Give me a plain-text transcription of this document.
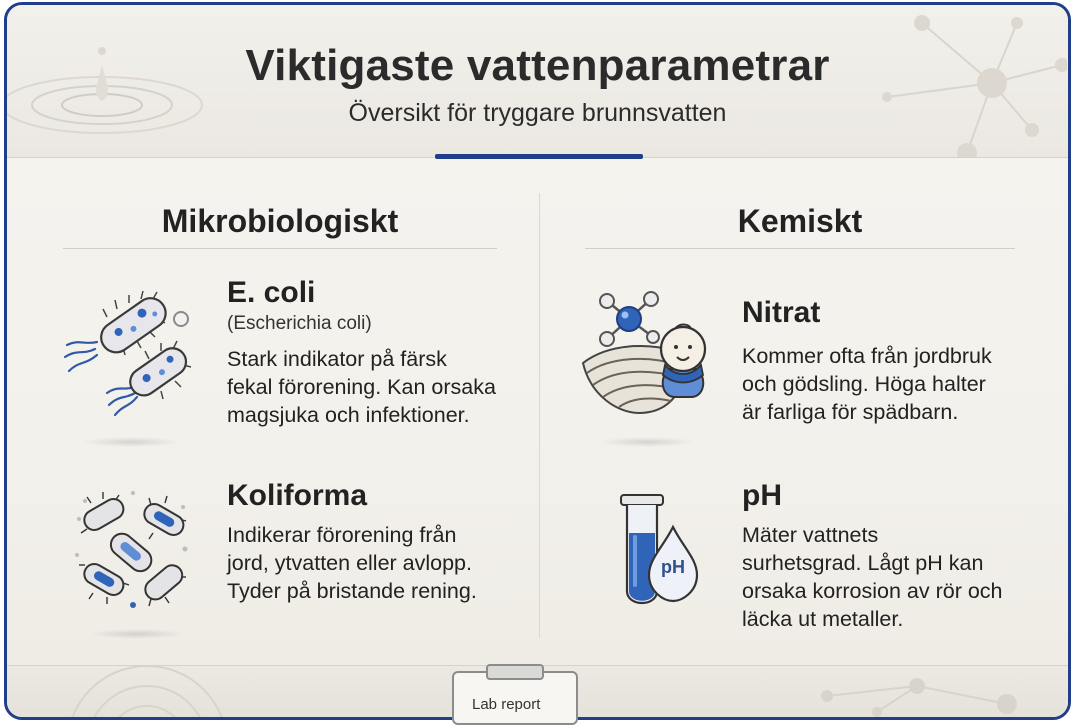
Viktigaste vattenparametrar
Översikt för tryggare brunnsvatten
Mikrobiologiskt	Kemiskt
E. coli
(Escherichia coli)
Stark indikator på färsk
fekal förorening. Kan orsaka
magsjuka och infektioner.
Koliforma
Indikerar förorening från
jord, ytvatten eller avlopp.
Tyder på bristande rening.
Nitrat
Kommer ofta från jordbruk
och gödsling. Höga halter
är farliga för spädbarn.
pH
pH
Mäter vattnets
surhetsgrad. Lågt pH kan
orsaka korrosion av rör och
läcka ut metaller.
Lab report
